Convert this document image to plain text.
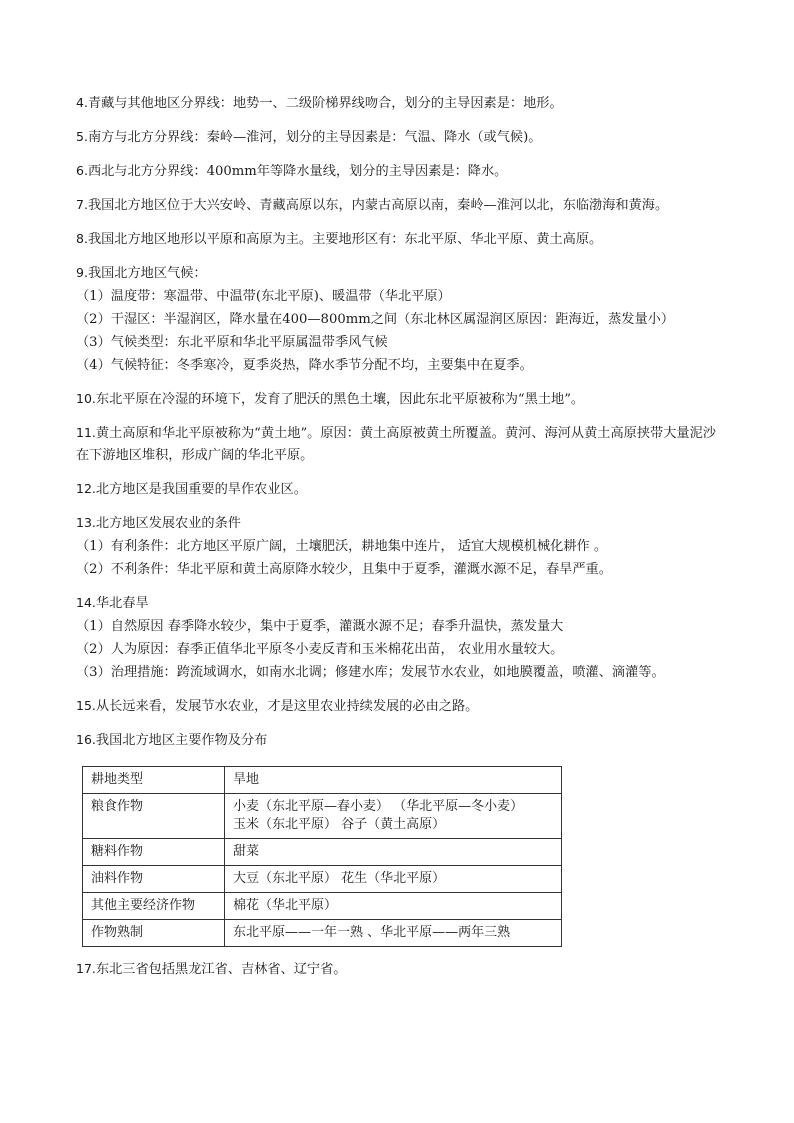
4.青藏与其他地区分界线：地势一、二级阶梯界线吻合，划分的主导因素是：地形。

5.南方与北方分界线：秦岭—淮河，划分的主导因素是：气温、降水（或气候)。

6.西北与北方分界线：400mm年等降水量线，划分的主导因素是：降水。

7.我国北方地区位于大兴安岭、青藏高原以东，内蒙古高原以南，秦岭—淮河以北，东临渤海和黄海。

8.我国北方地区地形以平原和高原为主。主要地形区有：东北平原、华北平原、黄土高原。

9.我国北方地区气候：
（1）温度带：寒温带、中温带(东北平原)、暖温带（华北平原）
（2）干湿区：半湿润区，降水量在400—800mm之间（东北林区属湿润区原因：距海近，蒸发量小）
（3）气候类型：东北平原和华北平原属温带季风气候
（4）气候特征：冬季寒冷，夏季炎热，降水季节分配不均，主要集中在夏季。

10.东北平原在冷湿的环境下，发育了肥沃的黑色土壤，因此东北平原被称为“黑土地”。

11.黄土高原和华北平原被称为“黄土地”。原因：黄土高原被黄土所覆盖。黄河、海河从黄土高原挟带大量泥沙在下游地区堆积，形成广阔的华北平原。

12.北方地区是我国重要的旱作农业区。

13.北方地区发展农业的条件
（1）有利条件：北方地区平原广阔，土壤肥沃，耕地集中连片， 适宜大规模机械化耕作 。
（2）不利条件：华北平原和黄土高原降水较少，且集中于夏季，灌溉水源不足，春旱严重。
14.华北春旱
（1）自然原因 春季降水较少，集中于夏季，灌溉水源不足；春季升温快，蒸发量大
（2）人为原因：春季正值华北平原冬小麦反青和玉米棉花出苗， 农业用水量较大。
（3）治理措施：跨流域调水，如南水北调；修建水库；发展节水农业，如地膜覆盖，喷灌、滴灌等。

15.从长远来看，发展节水农业，才是这里农业持续发展的必由之路。

16.我国北方地区主要作物及分布
耕地类型	旱地

粮食作物	小麦（东北平原—春小麦） （华北平原—冬小麦）
玉米（东北平原） 谷子（黄土高原）

糖料作物	甜菜

油料作物	大豆（东北平原） 花生（华北平原）

其他主要经济作物	棉花（华北平原）

作物熟制	东北平原——一年一熟 、华北平原——两年三熟

17.东北三省包括黑龙江省、吉林省、辽宁省。
